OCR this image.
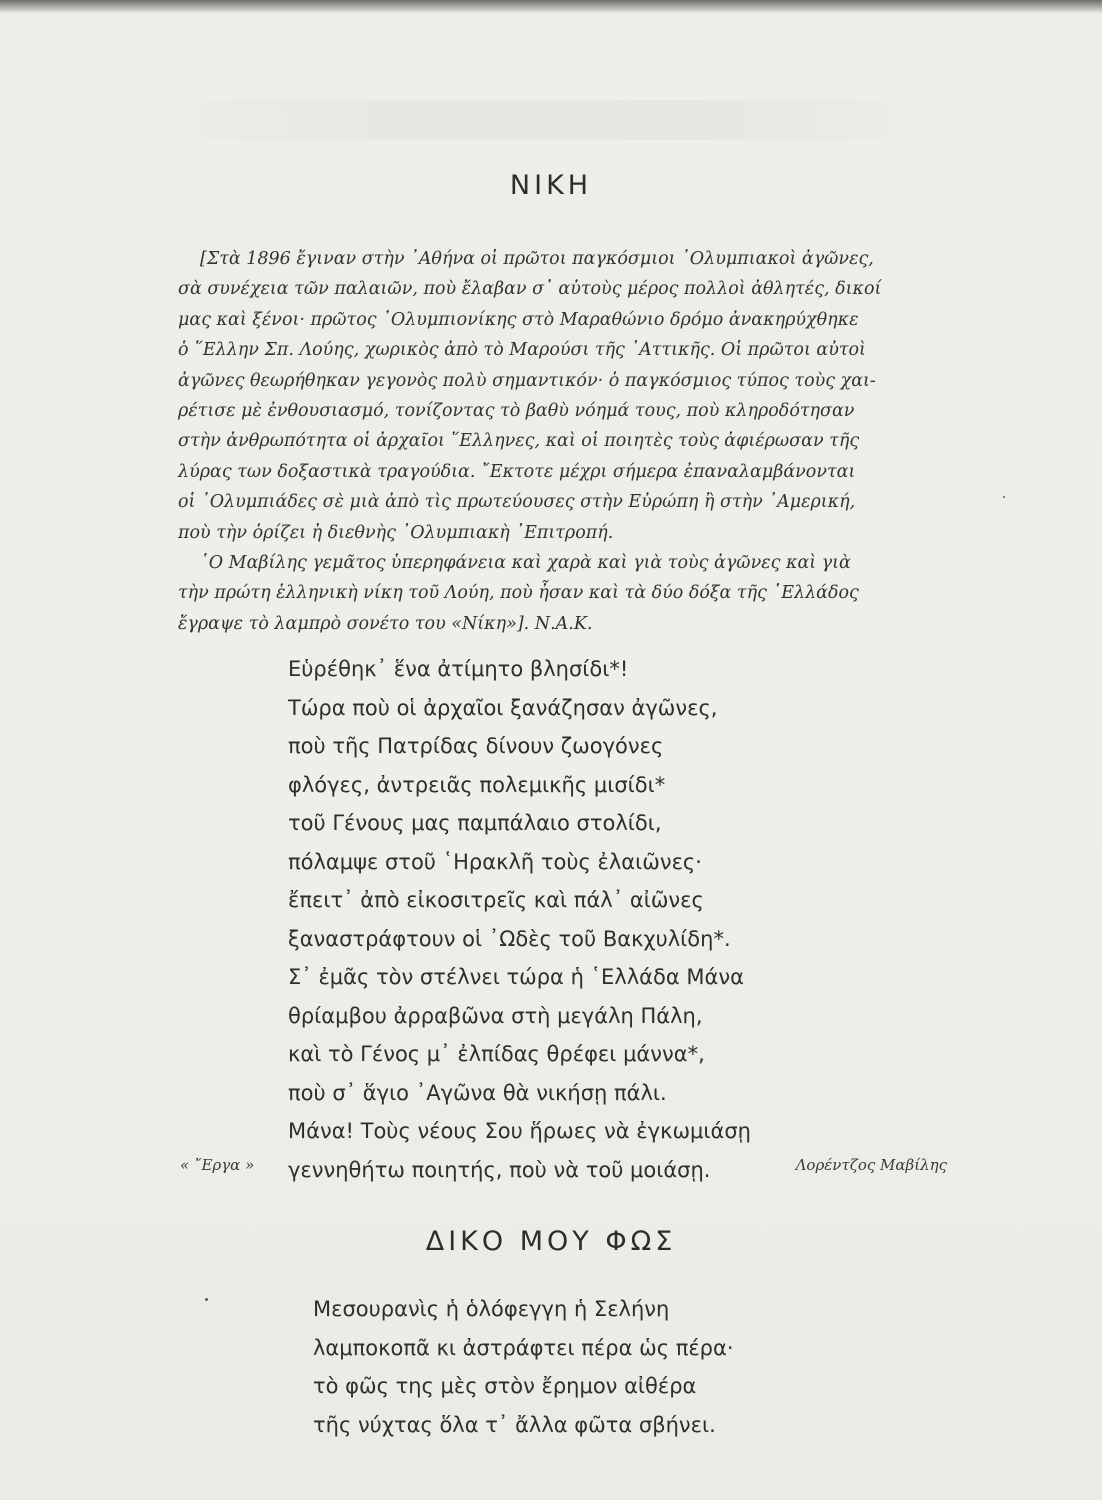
ΝΙΚΗ
[Στὰ 1896 ἔγιναν στὴν ᾿Αθήνα οἱ πρῶτοι παγκόσμιοι ᾿Ολυμπιακοὶ ἀγῶνες,
σὰ συνέχεια τῶν παλαιῶν, ποὺ ἔλαβαν σ᾿ αὐτοὺς μέρος πολλοὶ ἀθλητές, δικοί
μας καὶ ξένοι· πρῶτος ᾿Ολυμπιονίκης στὸ Μαραθώνιο δρόμο ἀνακηρύχθηκε
ὁ ῞Ελλην Σπ. Λούης, χωρικὸς ἀπὸ τὸ Μαρούσι τῆς ᾿Αττικῆς. Οἱ πρῶτοι αὐτοὶ
ἀγῶνες θεωρήθηκαν γεγονὸς πολὺ σημαντικόν· ὁ παγκόσμιος τύπος τοὺς χαι-
ρέτισε μὲ ἐνθουσιασμό, τονίζοντας τὸ βαθὺ νόημά τους, ποὺ κληροδότησαν
στὴν ἀνθρωπότητα οἱ ἀρχαῖοι ῞Ελληνες, καὶ οἱ ποιητὲς τοὺς ἀφιέρωσαν τῆς
λύρας των δοξαστικὰ τραγούδια. ῎Εκτοτε μέχρι σήμερα ἐπαναλαμβάνονται
οἱ ᾿Ολυμπιάδες σὲ μιὰ ἀπὸ τὶς πρωτεύουσες στὴν Εὐρώπη ἢ στὴν ᾿Αμερική,
ποὺ τὴν ὁρίζει ἡ διεθνὴς ᾿Ολυμπιακὴ ᾿Επιτροπή.
῾Ο Μαβίλης γεμᾶτος ὑπερηφάνεια καὶ χαρὰ καὶ γιὰ τοὺς ἀγῶνες καὶ γιὰ
τὴν πρώτη ἑλληνικὴ νίκη τοῦ Λούη, ποὺ ἦσαν καὶ τὰ δύο δόξα τῆς ῾Ελλάδος
ἔγραψε τὸ λαμπρὸ σονέτο του «Νίκη»]. Ν.Α.Κ.
Εὑρέθηκ᾿ ἕνα ἀτίμητο βλησίδι*!
Τώρα ποὺ οἱ ἀρχαῖοι ξανάζησαν ἀγῶνες,
ποὺ τῆς Πατρίδας δίνουν ζωογόνες
φλόγες, ἀντρειᾶς πολεμικῆς μισίδι*
τοῦ Γένους μας παμπάλαιο στολίδι,
πόλαμψε στοῦ ῾Ηρακλῆ τοὺς ἐλαιῶνες·
ἔπειτ᾿ ἀπὸ εἰκοσιτρεῖς καὶ πάλ᾿ αἰῶνες
ξαναστράφτουν οἱ ᾿Ωδὲς τοῦ Βακχυλίδη*.
Σ᾿ ἐμᾶς τὸν στέλνει τώρα ἡ ῾Ελλάδα Μάνα
θρίαμβου ἀρραβῶνα στὴ μεγάλη Πάλη,
καὶ τὸ Γένος μ᾿ ἐλπίδας θρέφει μάννα*,
ποὺ σ᾿ ἅγιο ᾿Αγῶνα θὰ νικήσῃ πάλι.
Μάνα! Τοὺς νέους Σου ἥρωες νὰ ἐγκωμιάσῃ
γεννηθήτω ποιητής, ποὺ νὰ τοῦ μοιάσῃ.
« ῎Εργα »	Λορέντζος Μαβίλης
ΔΙΚΟ ΜΟΥ ΦΩΣ
Μεσουρανὶς ἡ ὁλόφεγγη ἡ Σελήνη
λαμποκοπᾶ κι ἀστράφτει πέρα ὡς πέρα·
τὸ φῶς της μὲς στὸν ἔρημον αἰθέρα
τῆς νύχτας ὅλα τ᾿ ἄλλα φῶτα σβήνει.
